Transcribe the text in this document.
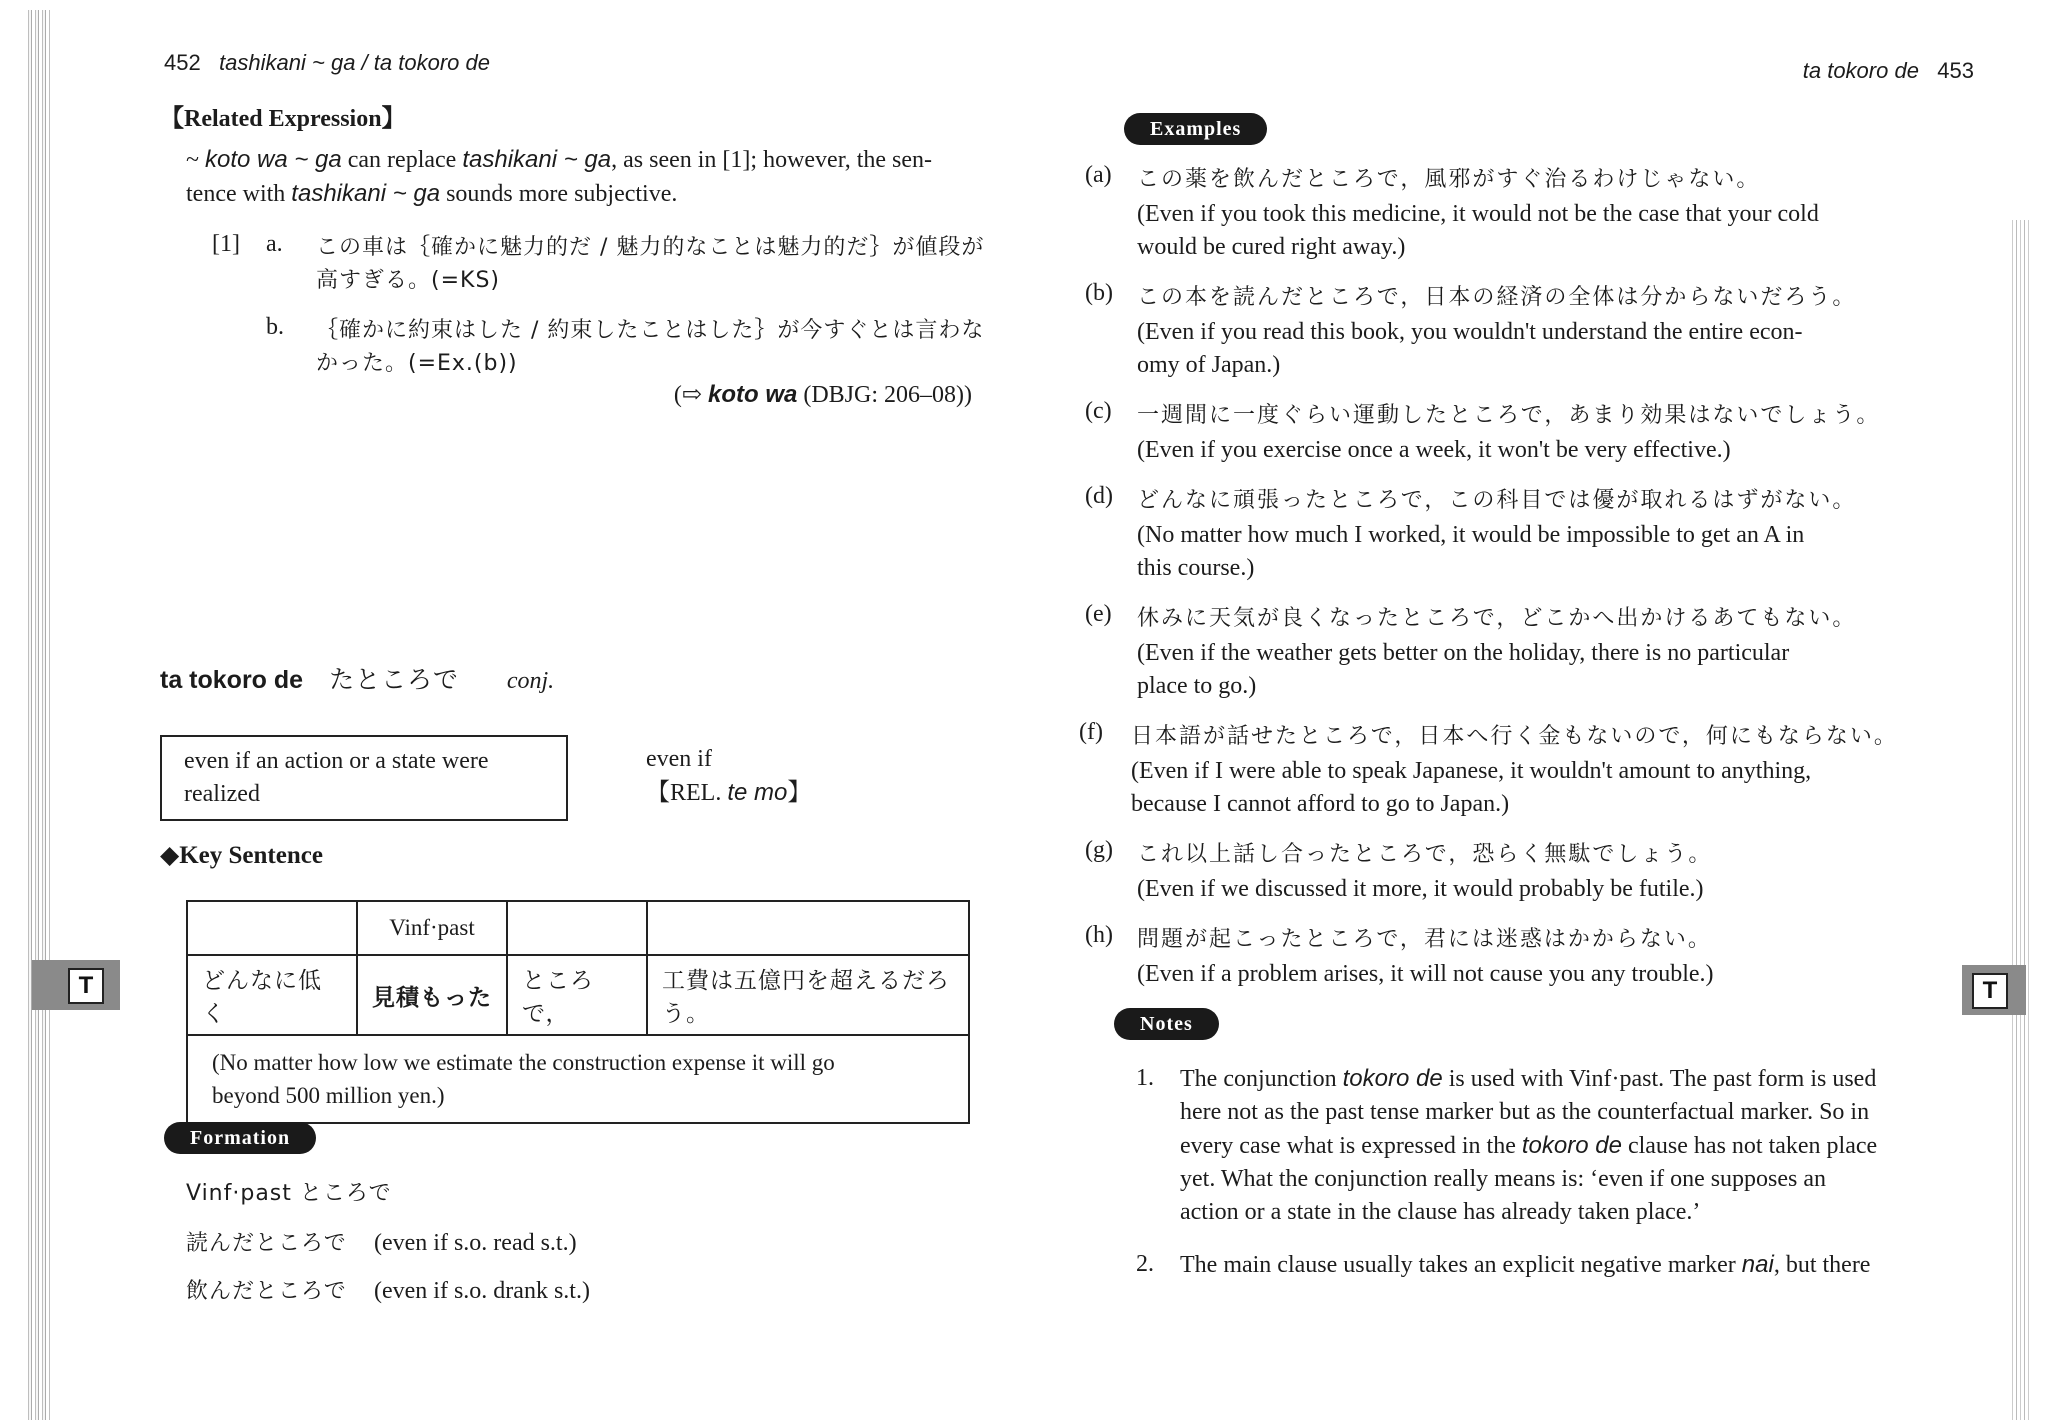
452 tashikani ~ ga / ta tokoro de
【Related Expression】
~ koto wa ~ ga can replace tashikani ~ ga, as seen in [1]; however, the sen-
tence with tashikani ~ ga sounds more subjective.
[1] a. この車は｛確かに魅力的だ / 魅力的なことは魅力的だ｝が値段が
高すぎる。(=KS)
b. ｛確かに約束はした / 約束したことはした｝が今すぐとは言わな
かった。(=Ex.(b))
(⇨ koto wa (DBJG: 206–08))
ta tokoro de たところで conj.
even if an action or a state were
realized
even if
【REL. te mo】
◆Key Sentence
	Vinf·past		
どんなに低く	見積もった	ところで，	工費は五億円を超えるだろう。

(No matter how low we estimate the construction expense it will go
beyond 500 million yen.)			
Formation
Vinf·past ところで
読んだところで (even if s.o. read s.t.)
飲んだところで (even if s.o. drank s.t.)
T
ta tokoro de 453
Examples
(a) この薬を飲んだところで，風邪がすぐ治るわけじゃない。
(Even if you took this medicine, it would not be the case that your cold
would be cured right away.)
(b) この本を読んだところで，日本の経済の全体は分からないだろう。
(Even if you read this book, you wouldn't understand the entire econ-
omy of Japan.)
(c) 一週間に一度ぐらい運動したところで，あまり効果はないでしょう。
(Even if you exercise once a week, it won't be very effective.)
(d) どんなに頑張ったところで，この科目では優が取れるはずがない。
(No matter how much I worked, it would be impossible to get an A in
this course.)
(e) 休みに天気が良くなったところで，どこかへ出かけるあてもない。
(Even if the weather gets better on the holiday, there is no particular
place to go.)
(f) 日本語が話せたところで，日本へ行く金もないので，何にもならない。
(Even if I were able to speak Japanese, it wouldn't amount to anything,
because I cannot afford to go to Japan.)
(g) これ以上話し合ったところで，恐らく無駄でしょう。
(Even if we discussed it more, it would probably be futile.)
(h) 問題が起こったところで，君には迷惑はかからない。
(Even if a problem arises, it will not cause you any trouble.)
Notes
1. The conjunction tokoro de is used with Vinf·past. The past form is used
here not as the past tense marker but as the counterfactual marker. So in
every case what is expressed in the tokoro de clause has not taken place
yet. What the conjunction really means is: ‘even if one supposes an
action or a state in the clause has already taken place.’
2. The main clause usually takes an explicit negative marker nai, but there
T
